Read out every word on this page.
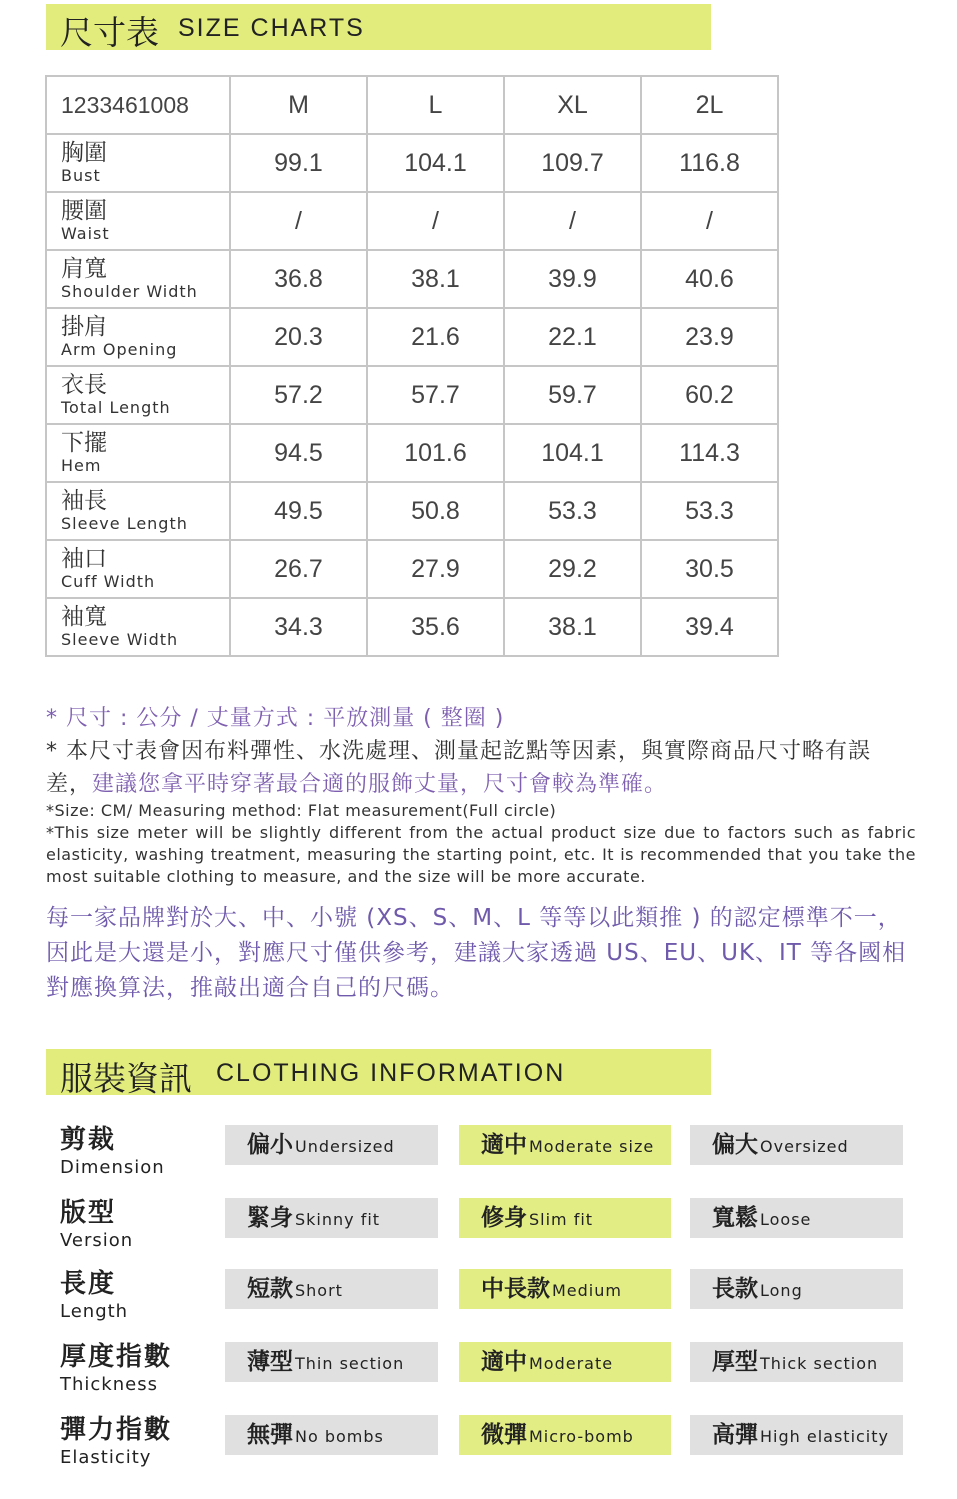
尺寸表 SIZE CHARTS
1233461008	M	L	XL	2L

胸圍
Bust	99.1	104.1	109.7	116.8

腰圍
Waist	/	/	/	/

肩寬
Shoulder Width	36.8	38.1	39.9	40.6

掛肩
Arm Opening	20.3	21.6	22.1	23.9

衣長
Total Length	57.2	57.7	59.7	60.2

下擺
Hem	94.5	101.6	104.1	114.3

袖長
Sleeve Length	49.5	50.8	53.3	53.3

袖口
Cuff Width	26.7	27.9	29.2	30.5

袖寬
Sleeve Width	34.3	35.6	38.1	39.4
* 尺寸 : 公分 / 丈量方式 : 平放測量 ( 整圈 )
* 本尺寸表會因布料彈性、水洗處理、測量起訖點等因素，與實際商品尺寸略有誤差，建議您拿平時穿著最合適的服飾丈量，尺寸會較為準確。
*Size: CM/ Measuring method: Flat measurement(Full circle)
*This size meter will be slightly different from the actual product size due to factors such as fabric elasticity, washing treatment, measuring the starting point, etc. It is recommended that you take the most suitable clothing to measure, and the size will be more accurate.
每一家品牌對於大、中、小號 (XS、S、M、L 等等以此類推 ) 的認定標準不一，因此是大還是小，對應尺寸僅供參考，建議大家透過 US、EU、UK、IT 等各國相對應換算法，推敲出適合自己的尺碼。
服裝資訊 CLOTHING INFORMATION
剪裁
Dimension
偏小 Undersized	適中 Moderate size	偏大 Oversized
版型
Version
緊身 Skinny fit	修身 Slim fit	寬鬆 Loose
長度
Length
短款 Short	中長款 Medium	長款 Long
厚度指數
Thickness
薄型 Thin section	適中 Moderate	厚型 Thick section
彈力指數
Elasticity
無彈 No bombs	微彈 Micro-bomb	高彈 High elasticity
